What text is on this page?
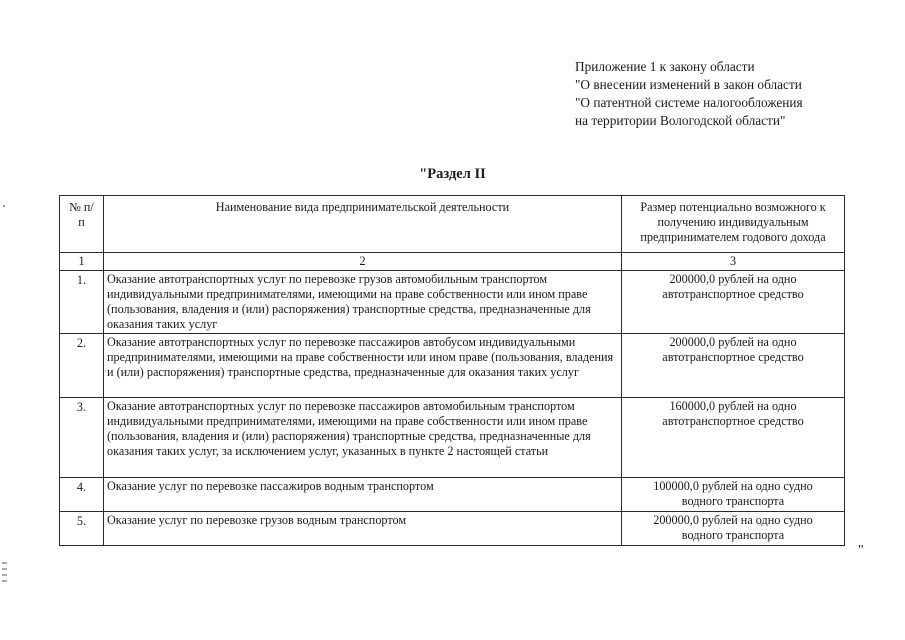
Приложение 1 к закону области
"О внесении изменений в закон области
"О патентной системе налогообложения
на территории Вологодской области"
"Раздел II
№ п/п	Наименование вида предпринимательской деятельности	Размер потенциально возможного к получению индивидуальным предпринимателем годового дохода
1	2	3
1.	Оказание автотранспортных услуг по перевозке грузов автомобильным транспортом индивидуальными предпринимателями, имеющими на праве собственности или ином праве (пользования, владения и (или) распоряжения) транспортные средства, предназначенные для оказания таких услуг	200000,0 рублей на одно автотранспортное средство
2.	Оказание автотранспортных услуг по перевозке пассажиров автобусом индивидуальными предпринимателями, имеющими на праве собственности или ином праве (пользования, владения и (или) распоряжения) транспортные средства, предназначенные для оказания таких услуг	200000,0 рублей на одно автотранспортное средство
3.	Оказание автотранспортных услуг по перевозке пассажиров автомобильным транспортом индивидуальными предпринимателями, имеющими на праве собственности или ином праве (пользования, владения и (или) распоряжения) транспортные средства, предназначенные для оказания таких услуг, за исключением услуг, указанных в пункте 2 настоящей статьи	160000,0 рублей на одно автотранспортное средство
4.	Оказание услуг по перевозке пассажиров водным транспортом	100000,0 рублей на одно судно водного транспорта
5.	Оказание услуг по перевозке грузов водным транспортом	200000,0 рублей на одно судно водного транспорта
"
